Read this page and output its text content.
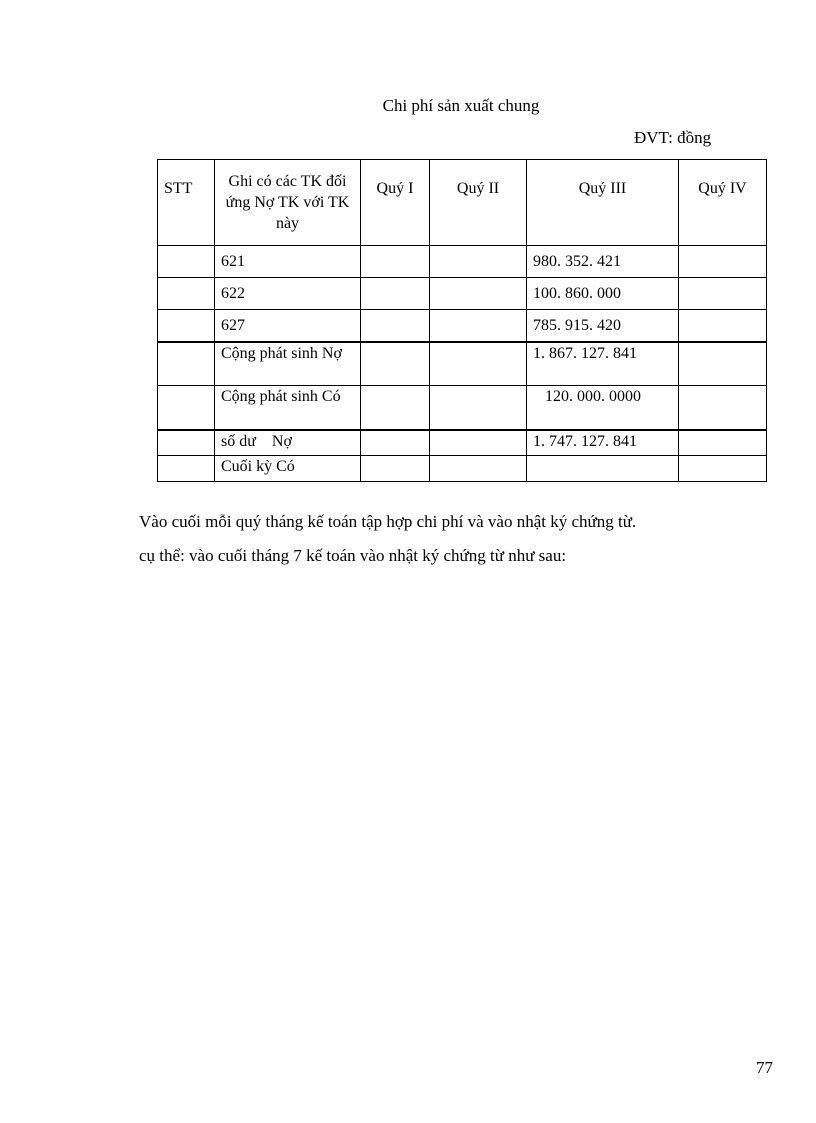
Chi phí sản xuất chung
ĐVT: đồng
STT	Ghi có các TK đối ứng Nợ TK với TK này	Quý I	Quý II	Quý III	Quý IV
	621			980. 352. 421	
	622			100. 860. 000	
	627			785. 915. 420	
	Cộng phát sinh Nợ			1. 867. 127. 841	
	Cộng phát sinh Có			120. 000. 0000	
	số dư    Nợ			1. 747. 127. 841	
	Cuối kỳ Có				
Vào cuối mỗi quý tháng kế toán tập hợp chi phí và vào nhật ký chứng từ.
cụ thể: vào cuối tháng 7 kế toán vào nhật ký chứng từ như sau:
77
